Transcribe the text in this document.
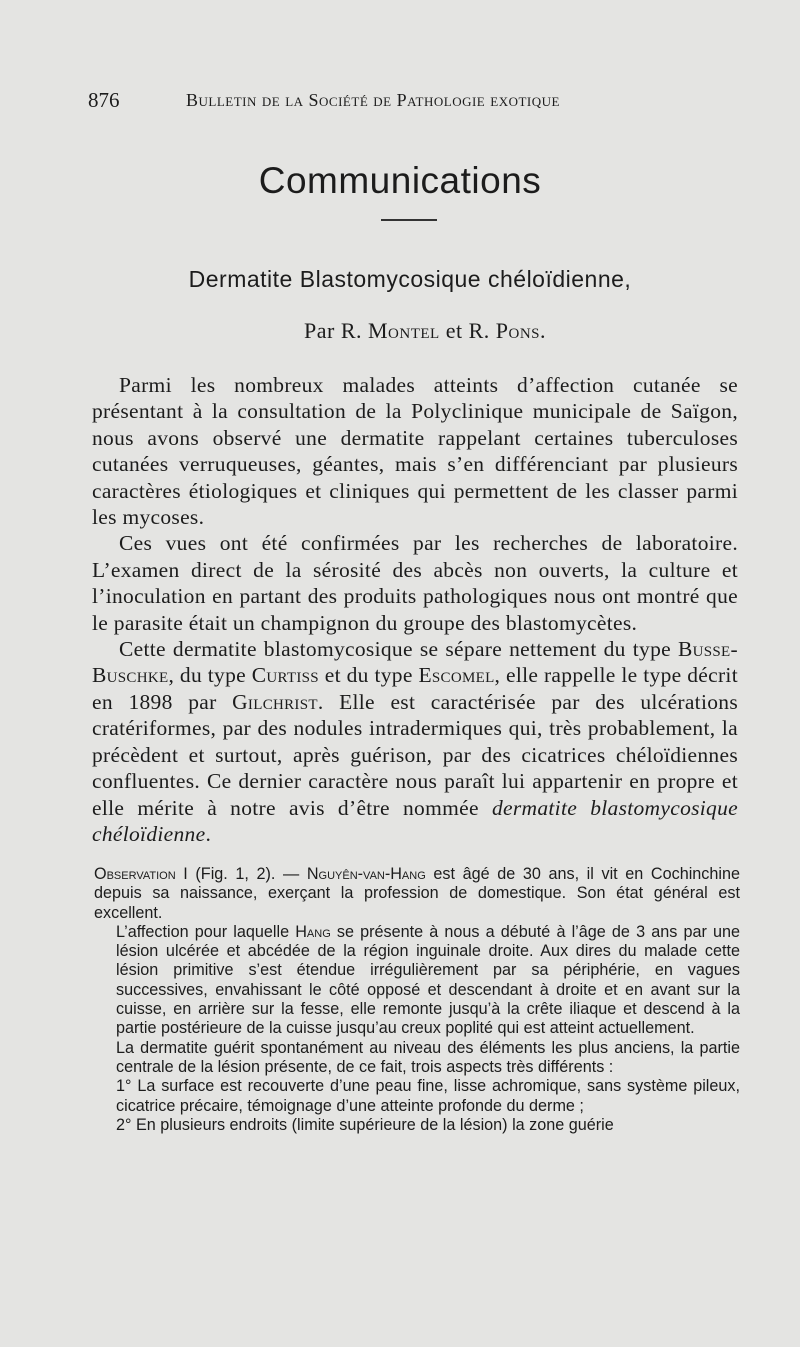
876	Bulletin de la Société de Pathologie exotique
Communications
Dermatite Blastomycosique chéloïdienne,
Par R. Montel et R. Pons.

Parmi les nombreux malades atteints d’affection cutanée se présentant à la consultation de la Polyclinique municipale de Saïgon, nous avons observé une dermatite rappelant certaines tuberculoses cutanées verruqueuses, géantes, mais s’en différenciant par plusieurs caractères étiologiques et cliniques qui permettent de les classer parmi les mycoses.

Ces vues ont été confirmées par les recherches de laboratoire. L’examen direct de la sérosité des abcès non ouverts, la culture et l’inoculation en partant des produits pathologiques nous ont montré que le parasite était un champignon du groupe des blastomycètes.

Cette dermatite blastomycosique se sépare nettement du type Busse-Buschke, du type Curtiss et du type Escomel, elle rappelle le type décrit en 1898 par Gilchrist. Elle est caractérisée par des ulcérations cratériformes, par des nodules intradermiques qui, très probablement, la précèdent et surtout, après guérison, par des cicatrices chéloïdiennes confluentes. Ce dernier caractère nous paraît lui appartenir en propre et elle mérite à notre avis d’être nommée dermatite blastomycosique chéloïdienne.

Observation I (Fig. 1, 2). — Nguyên-van-Hang est âgé de 30 ans, il vit en Cochinchine depuis sa naissance, exerçant la profession de domestique. Son état général est excellent.

L’affection pour laquelle Hang se présente à nous a débuté à l’âge de 3 ans par une lésion ulcérée et abcédée de la région inguinale droite. Aux dires du malade cette lésion primitive s’est étendue irrégulièrement par sa périphérie, en vagues successives, envahissant le côté opposé et descendant à droite et en avant sur la cuisse, en arrière sur la fesse, elle remonte jusqu’à la crête iliaque et descend à la partie postérieure de la cuisse jusqu’au creux poplité qui est atteint actuellement.

La dermatite guérit spontanément au niveau des éléments les plus anciens, la partie centrale de la lésion présente, de ce fait, trois aspects très différents :

1° La surface est recouverte d’une peau fine, lisse achromique, sans système pileux, cicatrice précaire, témoignage d’une atteinte profonde du derme ;

2° En plusieurs endroits (limite supérieure de la lésion) la zone guérie
